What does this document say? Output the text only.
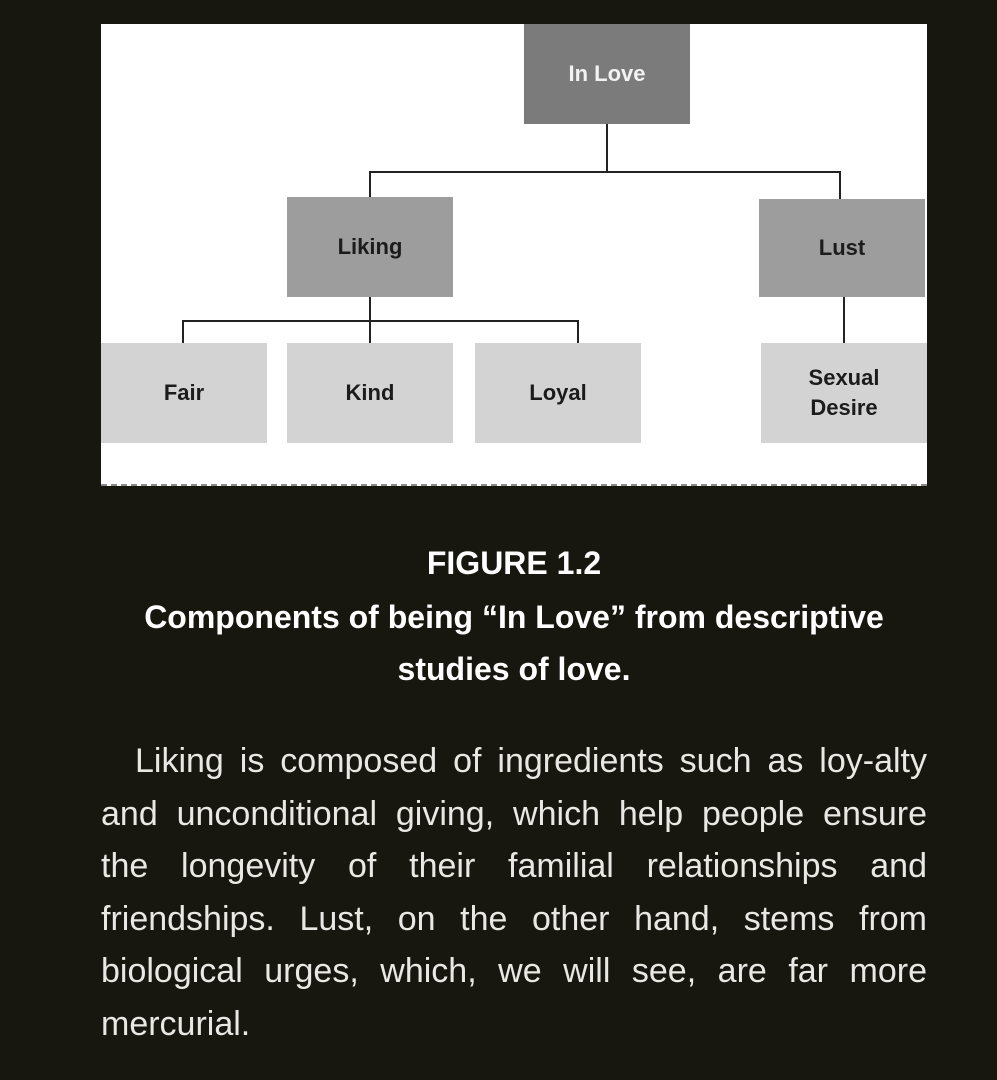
In Love
Liking	Lust
Fair	Kind	Loyal
Sexual
Desire
FIGURE 1.2
Components of being “In Love” from descriptive studies of love.

 Liking is composed of ingredients such as loy-alty and unconditional giving, which help people ensure the longevity of their familial relationships and friendships. Lust, on the other hand, stems from biological urges, which, we will see, are far more mercurial.
